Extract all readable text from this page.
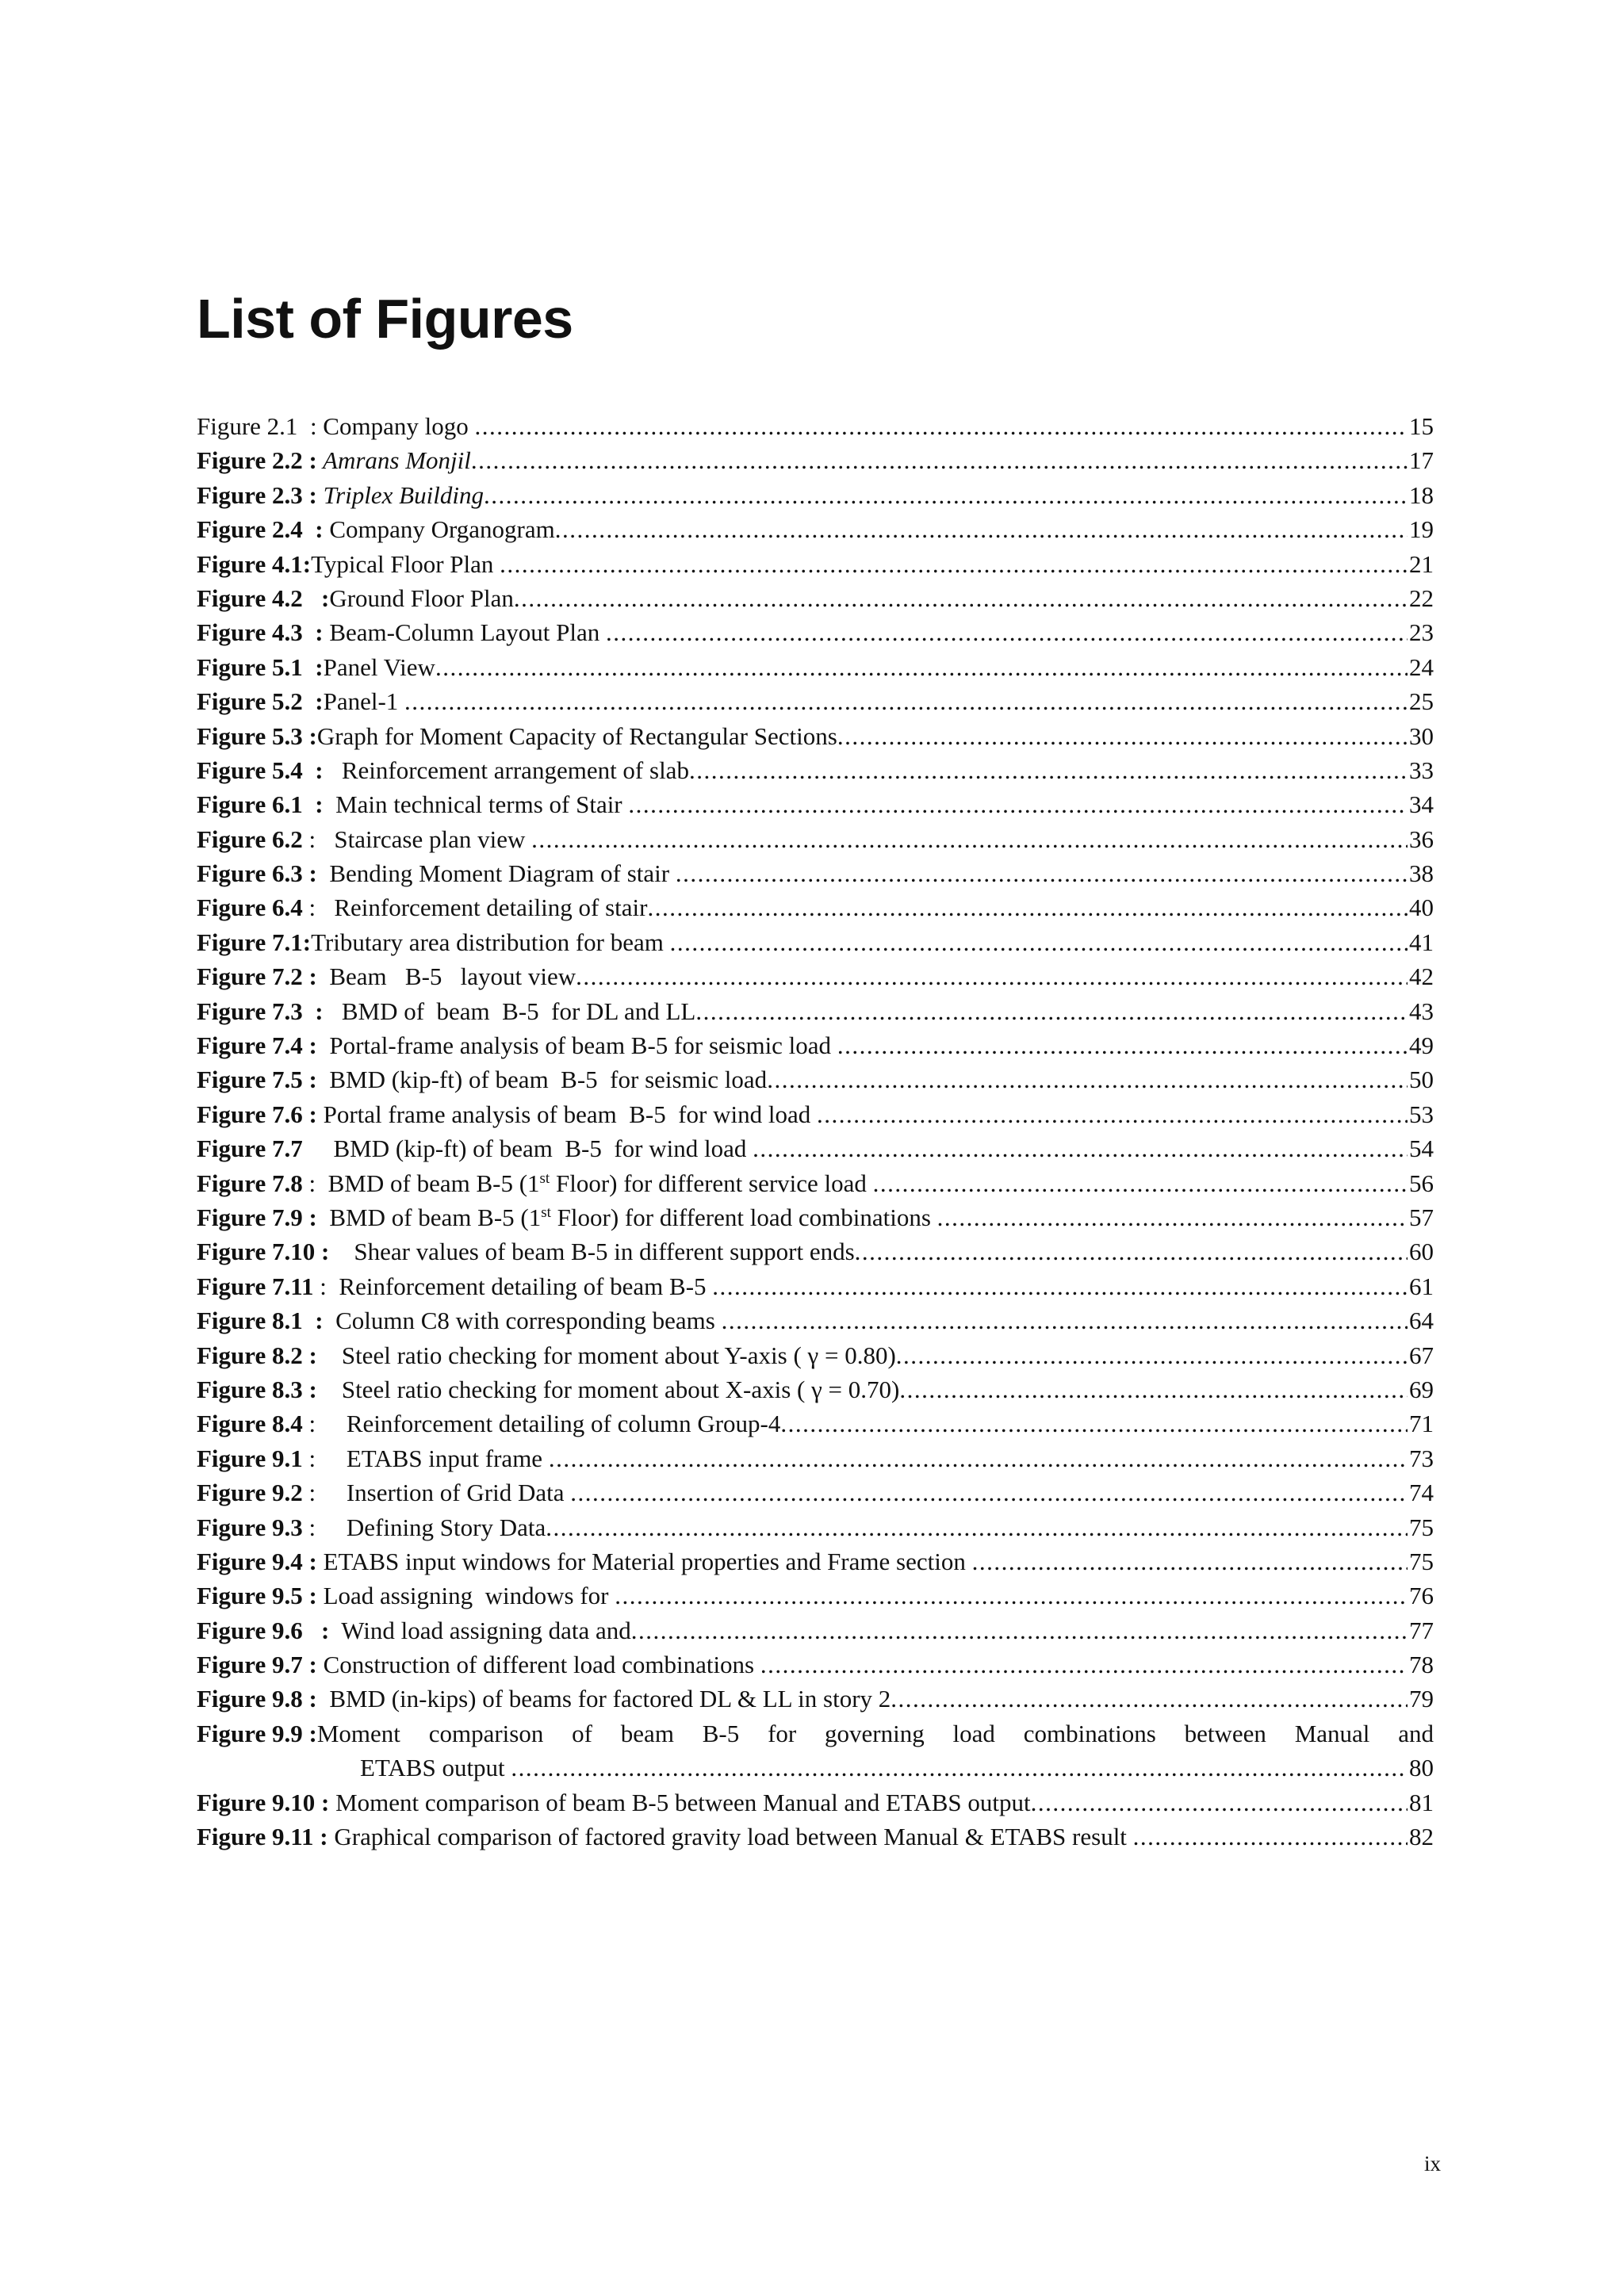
List of Figures
Figure 2.1 : Company logo .....	15
Figure 2.2 : Amrans Monjil .....	17
Figure 2.3 : Triplex Building .....	18
Figure 2.4  : Company Organogram .....	19
Figure 4.1: Typical Floor Plan .....	21
Figure 4.2   : Ground Floor Plan .....	22
Figure 4.3  : Beam-Column Layout Plan .....	23
Figure 5.1  : Panel View .....	24
Figure 5.2  : Panel-1 .....	25
Figure 5.3 : Graph for Moment Capacity of Rectangular Sections .....	30
Figure 5.4  : Reinforcement arrangement of slab .....	33
Figure 6.1  : Main technical terms of Stair .....	34
Figure 6.2 :   Staircase plan view .....	36
Figure 6.3 : Bending Moment Diagram of stair .....	38
Figure 6.4 :   Reinforcement detailing of stair .....	40
Figure 7.1: Tributary area distribution for beam .....	41
Figure 7.2 : Beam   B-5   layout view .....	42
Figure 7.3  : BMD of  beam  B-5  for DL and LL .....	43
Figure 7.4 : Portal-frame analysis of beam B-5 for seismic load .....	49
Figure 7.5 : BMD (kip-ft) of beam  B-5  for seismic load .....	50
Figure 7.6 : Portal frame analysis of beam  B-5  for wind load .....	53
Figure 7.7 BMD (kip-ft) of beam  B-5  for wind load .....	54
Figure 7.8 :  BMD of beam B-5 (1st Floor) for different service load .....	56
Figure 7.9 : BMD of beam B-5 (1st Floor) for different load combinations .....	57
Figure 7.10 : Shear values of beam B-5 in different support ends .....	60
Figure 7.11 :  Reinforcement detailing of beam B-5 .....	61
Figure 8.1  : Column C8 with corresponding beams .....	64
Figure 8.2 : Steel ratio checking for moment about Y-axis ( γ = 0.80) .....	67
Figure 8.3 : Steel ratio checking for moment about X-axis ( γ = 0.70) .....	69
Figure 8.4 :     Reinforcement detailing of column Group-4 .....	71
Figure 9.1 :     ETABS input frame .....	73
Figure 9.2 :     Insertion of Grid Data .....	74
Figure 9.3 :     Defining Story Data .....	75
Figure 9.4 : ETABS input windows for Material properties and Frame section .....	75
Figure 9.5 : Load assigning  windows for .....	76
Figure 9.6   : Wind load assigning data and .....	77
Figure 9.7 : Construction of different load combinations .....	78
Figure 9.8 : BMD (in-kips) of beams for factored DL & LL in story 2 .....	79
Figure 9.9 : Moment comparison of beam B-5 for governing load combinations between Manual and
ETABS output .....	80
Figure 9.10 : Moment comparison of beam B-5 between Manual and ETABS output .....	81
Figure 9.11 : Graphical comparison of factored gravity load between Manual & ETABS result .....	82
ix
